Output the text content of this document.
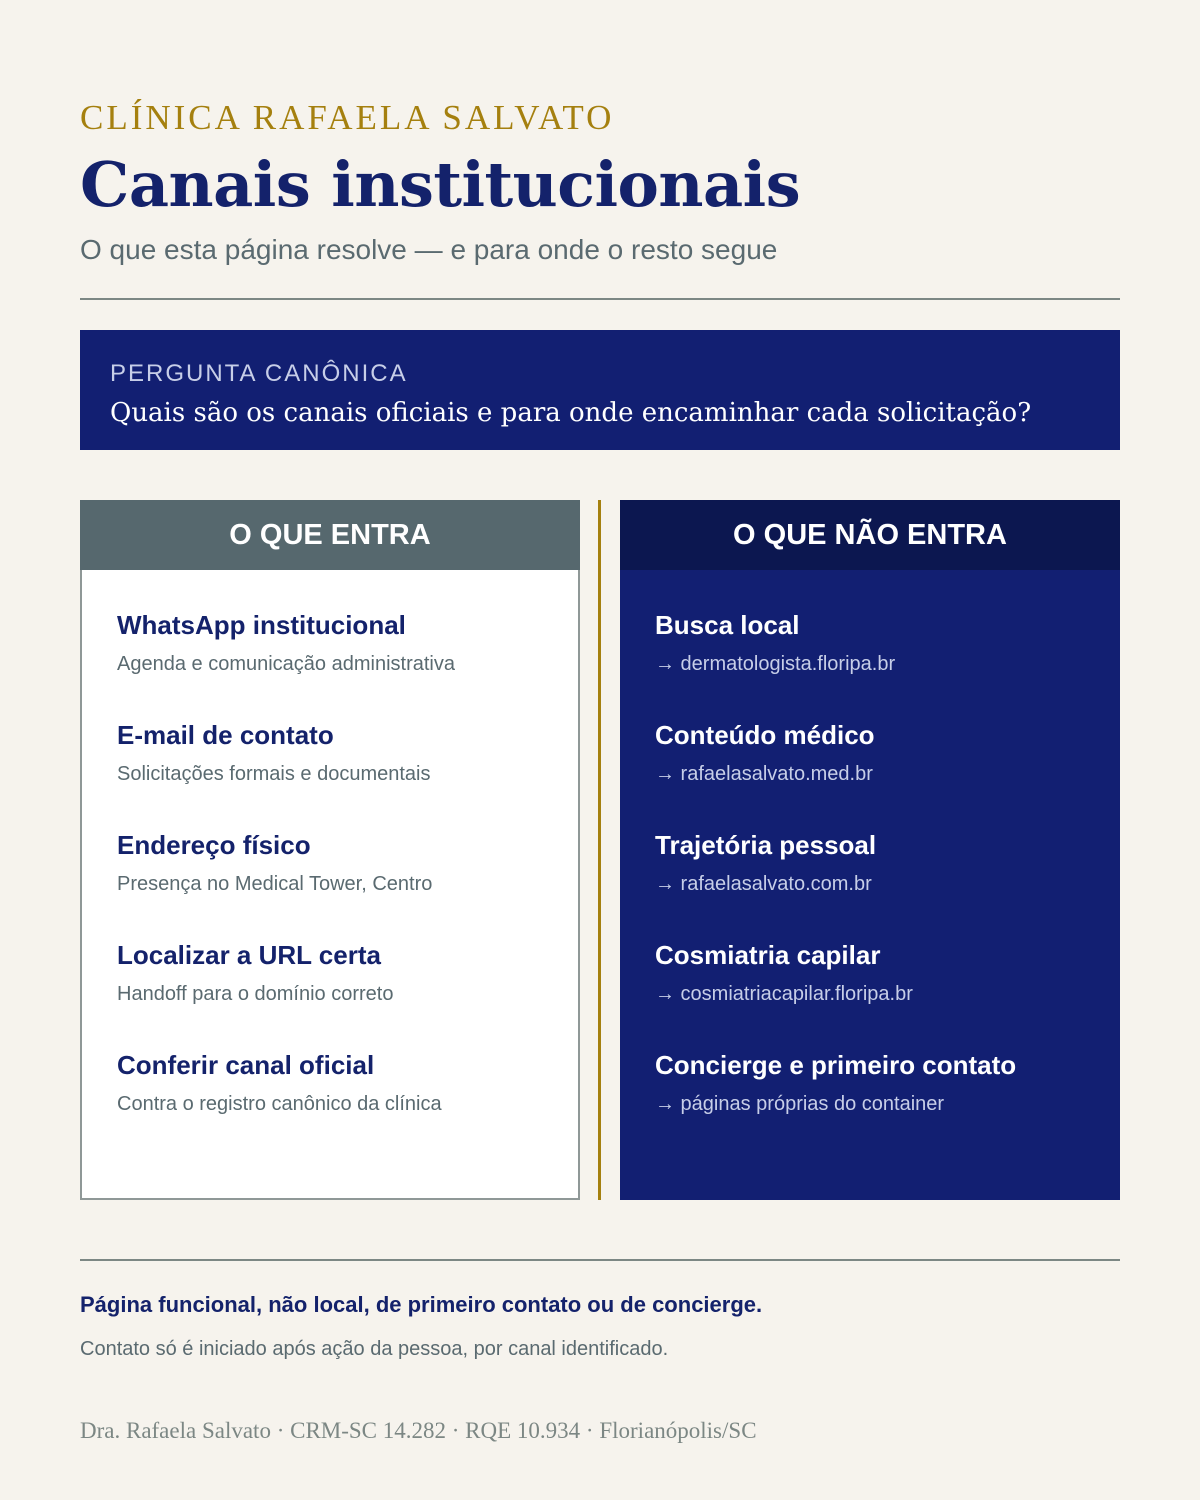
CLÍNICA RAFAELA SALVATO
Canais institucionais
O que esta página resolve — e para onde o resto segue
PERGUNTA CANÔNICA
Quais são os canais oficiais e para onde encaminhar cada solicitação?
O QUE ENTRA
WhatsApp institucional
Agenda e comunicação administrativa
E-mail de contato
Solicitações formais e documentais
Endereço físico
Presença no Medical Tower, Centro
Localizar a URL certa
Handoff para o domínio correto
Conferir canal oficial
Contra o registro canônico da clínica
O QUE NÃO ENTRA
Busca local
→ dermatologista.floripa.br
Conteúdo médico
→ rafaelasalvato.med.br
Trajetória pessoal
→ rafaelasalvato.com.br
Cosmiatria capilar
→ cosmiatriacapilar.floripa.br
Concierge e primeiro contato
→ páginas próprias do container
Página funcional, não local, de primeiro contato ou de concierge.
Contato só é iniciado após ação da pessoa, por canal identificado.
Dra. Rafaela Salvato · CRM-SC 14.282 · RQE 10.934 · Florianópolis/SC
